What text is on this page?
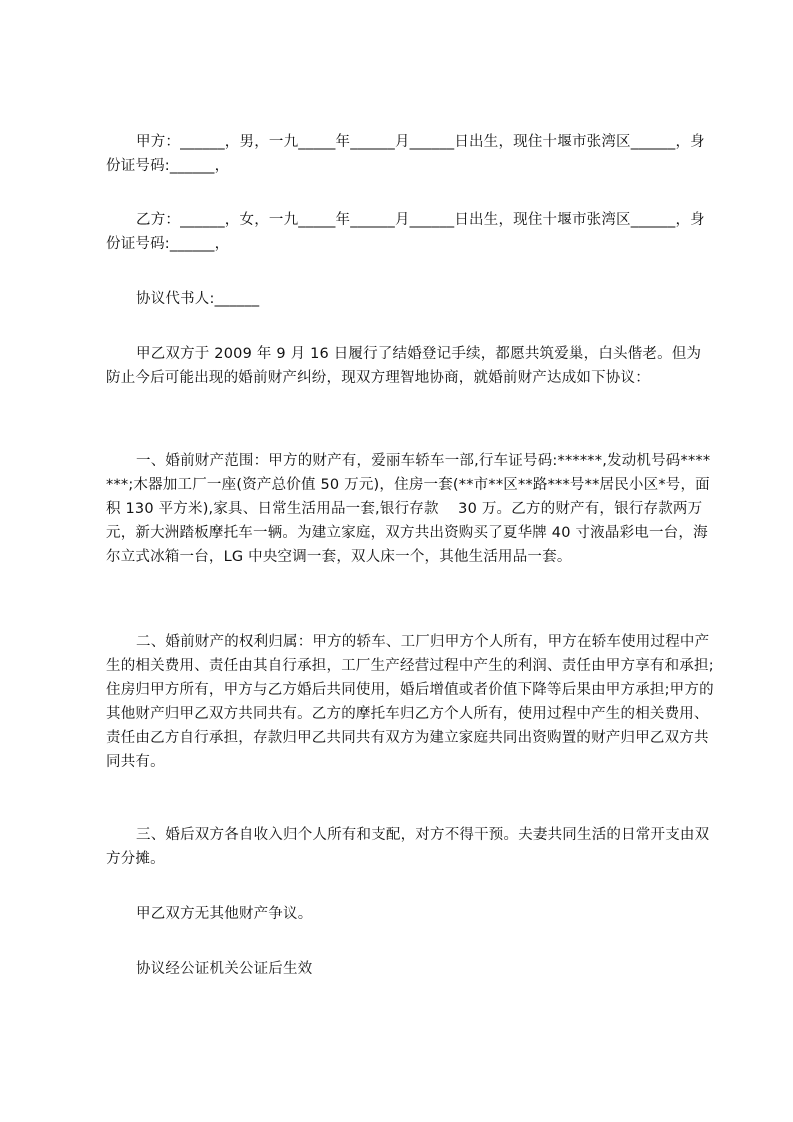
甲方：______，男，一九_____年______月______日出生，现住十堰市张湾区______，身份证号码:______，

乙方：______，女，一九_____年______月______日出生，现住十堰市张湾区______，身份证号码:______，

协议代书人:______

甲乙双方于 2009 年 9 月 16 日履行了结婚登记手续，都愿共筑爱巢，白头偕老。但为防止今后可能出现的婚前财产纠纷，现双方理智地协商，就婚前财产达成如下协议：

一、婚前财产范围：甲方的财产有，爱丽车轿车一部,行车证号码:******,发动机号码*******;木器加工厂一座(资产总价值 50 万元)，住房一套(**市**区**路***号**居民小区*号，面积 130 平方米),家具、日常生活用品一套,银行存款　 30 万。乙方的财产有，银行存款两万元，新大洲踏板摩托车一辆。为建立家庭，双方共出资购买了夏华牌 40 寸液晶彩电一台，海尔立式冰箱一台，LG 中央空调一套，双人床一个，其他生活用品一套。

二、婚前财产的权利归属：甲方的轿车、工厂归甲方个人所有，甲方在轿车使用过程中产生的相关费用、责任由其自行承担，工厂生产经营过程中产生的利润、责任由甲方享有和承担;住房归甲方所有，甲方与乙方婚后共同使用，婚后增值或者价值下降等后果由甲方承担;甲方的其他财产归甲乙双方共同共有。乙方的摩托车归乙方个人所有，使用过程中产生的相关费用、责任由乙方自行承担，存款归甲乙共同共有双方为建立家庭共同出资购置的财产归甲乙双方共同共有。

三、婚后双方各自收入归个人所有和支配，对方不得干预。夫妻共同生活的日常开支由双方分摊。

甲乙双方无其他财产争议。

协议经公证机关公证后生效
